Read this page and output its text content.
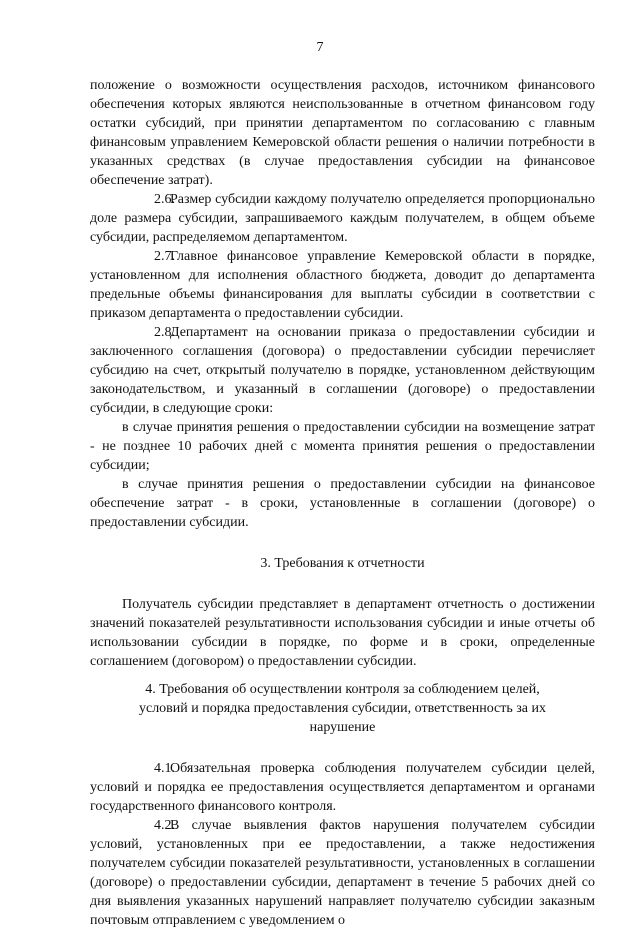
7

положение о возможности осуществления расходов, источником финансового обеспечения которых являются неиспользованные в отчетном финансовом году остатки субсидий, при принятии департаментом по согласованию с главным финансовым управлением Кемеровской области решения о наличии потребности в указанных средствах (в случае предоставления субсидии на финансовое обеспечение затрат).

2.6.Размер субсидии каждому получателю определяется пропорционально доле размера субсидии, запрашиваемого каждым получателем, в общем объеме субсидии, распределяемом департаментом.

2.7.Главное финансовое управление Кемеровской области в порядке, установленном для исполнения областного бюджета, доводит до департамента предельные объемы финансирования для выплаты субсидии в соответствии с приказом департамента о предоставлении субсидии.

2.8.Департамент на основании приказа о предоставлении субсидии и заключенного соглашения (договора) о предоставлении субсидии перечисляет субсидию на счет, открытый получателю в порядке, установленном действующим законодательством, и указанный в соглашении (договоре) о предоставлении субсидии, в следующие сроки:

в случае принятия решения о предоставлении субсидии на возмещение затрат - не позднее 10 рабочих дней с момента принятия решения о предоставлении субсидии;

в случае принятия решения о предоставлении субсидии на финансовое обеспечение затрат - в сроки, установленные в соглашении (договоре) о предоставлении субсидии.

3. Требования к отчетности

Получатель субсидии представляет в департамент отчетность о достижении значений показателей результативности использования субсидии и иные отчеты об использовании субсидии в порядке, по форме и в сроки, определенные соглашением (договором) о предоставлении субсидии.

4. Требования об осуществлении контроля за соблюдением целей,
условий и порядка предоставления субсидии, ответственность за их
нарушение

4.1.Обязательная проверка соблюдения получателем субсидии целей, условий и порядка ее предоставления осуществляется департаментом и органами государственного финансового контроля.

4.2.В случае выявления фактов нарушения получателем субсидии условий, установленных при ее предоставлении, а также недостижения получателем субсидии показателей результативности, установленных в соглашении (договоре) о предоставлении субсидии, департамент в течение 5 рабочих дней со дня выявления указанных нарушений направляет получателю субсидии заказным почтовым отправлением с уведомлением о
